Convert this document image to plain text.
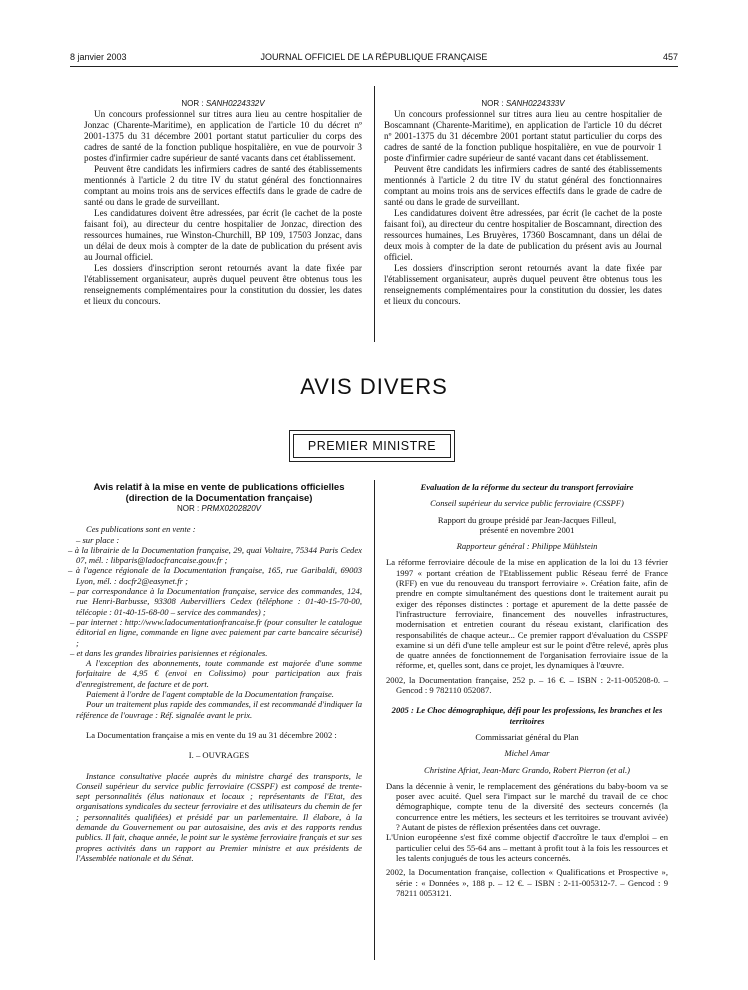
8 janvier 2003	JOURNAL OFFICIEL DE LA RÉPUBLIQUE FRANÇAISE	457

NOR : SANH0224332V

Un concours professionnel sur titres aura lieu au centre hospitalier de Jonzac (Charente-Maritime), en application de l'article 10 du décret nº 2001-1375 du 31 décembre 2001 portant statut particulier du corps des cadres de santé de la fonction publique hospitalière, en vue de pourvoir 3 postes d'infirmier cadre supérieur de santé vacants dans cet établissement.

Peuvent être candidats les infirmiers cadres de santé des établissements mentionnés à l'article 2 du titre IV du statut général des fonctionnaires comptant au moins trois ans de services effectifs dans le grade de cadre de santé ou dans le grade de surveillant.

Les candidatures doivent être adressées, par écrit (le cachet de la poste faisant foi), au directeur du centre hospitalier de Jonzac, direction des ressources humaines, rue Winston-Churchill, BP 109, 17503 Jonzac, dans un délai de deux mois à compter de la date de publication du présent avis au Journal officiel.

Les dossiers d'inscription seront retournés avant la date fixée par l'établissement organisateur, auprès duquel peuvent être obtenus tous les renseignements complémentaires pour la constitution du dossier, les dates et lieux du concours.

NOR : SANH0224333V

Un concours professionnel sur titres aura lieu au centre hospitalier de Boscamnant (Charente-Maritime), en application de l'article 10 du décret nº 2001-1375 du 31 décembre 2001 portant statut particulier du corps des cadres de santé de la fonction publique hospitalière, en vue de pourvoir 1 poste d'infirmier cadre supérieur de santé vacant dans cet établissement.

Peuvent être candidats les infirmiers cadres de santé des établissements mentionnés à l'article 2 du titre IV du statut général des fonctionnaires comptant au moins trois ans de services effectifs dans le grade de cadre de santé ou dans le grade de surveillant.

Les candidatures doivent être adressées, par écrit (le cachet de la poste faisant foi), au directeur du centre hospitalier de Boscamnant, direction des ressources humaines, Les Bruyères, 17360 Boscamnant, dans un délai de deux mois à compter de la date de publication du présent avis au Journal officiel.

Les dossiers d'inscription seront retournés avant la date fixée par l'établissement organisateur, auprès duquel peuvent être obtenus tous les renseignements complémentaires pour la constitution du dossier, les dates et lieux du concours.

AVIS DIVERS
PREMIER MINISTRE
Avis relatif à la mise en vente de publications officielles (direction de la Documentation française)

NOR : PRMX0202820V

Ces publications sont en vente :

– sur place :

– à la librairie de la Documentation française, 29, quai Voltaire, 75344 Paris Cedex 07, mél. : libparis@ladocfrancaise.gouv.fr ;

– à l'agence régionale de la Documentation française, 165, rue Garibaldi, 69003 Lyon, mél. : docfr2@easynet.fr ;

– par correspondance à la Documentation française, service des commandes, 124, rue Henri-Barbusse, 93308 Aubervilliers Cedex (téléphone : 01-40-15-70-00, télécopie : 01-40-15-68-00 – service des commandes) ;

– par internet : http://www.ladocumentationfrancaise.fr (pour consulter le catalogue éditorial en ligne, commande en ligne avec paiement par carte bancaire sécurisé) ;

– et dans les grandes librairies parisiennes et régionales.

A l'exception des abonnements, toute commande est majorée d'une somme forfaitaire de 4,95 € (envoi en Colissimo) pour participation aux frais d'enregistrement, de facture et de port.

Paiement à l'ordre de l'agent comptable de la Documentation française.

Pour un traitement plus rapide des commandes, il est recommandé d'indiquer la référence de l'ouvrage : Réf. signalée avant le prix.

La Documentation française a mis en vente du 19 au 31 décembre 2002 :

I. – OUVRAGES

Instance consultative placée auprès du ministre chargé des transports, le Conseil supérieur du service public ferroviaire (CSSPF) est composé de trente-sept personnalités (élus nationaux et locaux ; représentants de l'Etat, des organisations syndicales du secteur ferroviaire et des utilisateurs du chemin de fer ; personnalités qualifiées) et présidé par un parlementaire. Il élabore, à la demande du Gouvernement ou par autosaisine, des avis et des rapports rendus publics. Il fait, chaque année, le point sur le système ferroviaire français et sur ses propres activités dans un rapport au Premier ministre et aux présidents de l'Assemblée nationale et du Sénat.

Evaluation de la réforme du secteur du transport ferroviaire
Conseil supérieur du service public ferroviaire (CSSPF)
Rapport du groupe présidé par Jean-Jacques Filleul, présenté en novembre 2001
Rapporteur général : Philippe Mühlstein

La réforme ferroviaire découle de la mise en application de la loi du 13 février 1997 « portant création de l'Etablissement public Réseau ferré de France (RFF) en vue du renouveau du transport ferroviaire ». Création faite, afin de prendre en compte simultanément des questions dont le traitement aurait pu exiger des réponses distinctes : portage et apurement de la dette passée de l'infrastructure ferroviaire, financement des nouvelles infrastructures, modernisation et entretien courant du réseau existant, clarification des responsabilités de chaque acteur... Ce premier rapport d'évaluation du CSSPF examine si un défi d'une telle ampleur est sur le point d'être relevé, après plus de quatre années de fonctionnement de l'organisation ferroviaire issue de la réforme, et, quelles sont, dans ce projet, les dynamiques à l'œuvre.

2002, la Documentation française, 252 p. – 16 €. – ISBN : 2-11-005208-0. – Gencod : 9 782110 052087.

2005 : Le Choc démographique, défi pour les professions, les branches et les territoires
Commissariat général du Plan
Michel Amar
Christine Afriat, Jean-Marc Grando, Robert Pierron (et al.)

Dans la décennie à venir, le remplacement des générations du baby-boom va se poser avec acuité. Quel sera l'impact sur le marché du travail de ce choc démographique, compte tenu de la diversité des secteurs concernés (la concurrence entre les métiers, les secteurs et les territoires se trouvant avivée) ? Autant de pistes de réflexion présentées dans cet ouvrage.

L'Union européenne s'est fixé comme objectif d'accroître le taux d'emploi – en particulier celui des 55-64 ans – mettant à profit tout à la fois les ressources et les talents conjugués de tous les acteurs concernés.

2002, la Documentation française, collection « Qualifications et Prospective », série : « Données », 188 p. – 12 €. – ISBN : 2-11-005312-7. – Gencod : 9 78211 0053121.
